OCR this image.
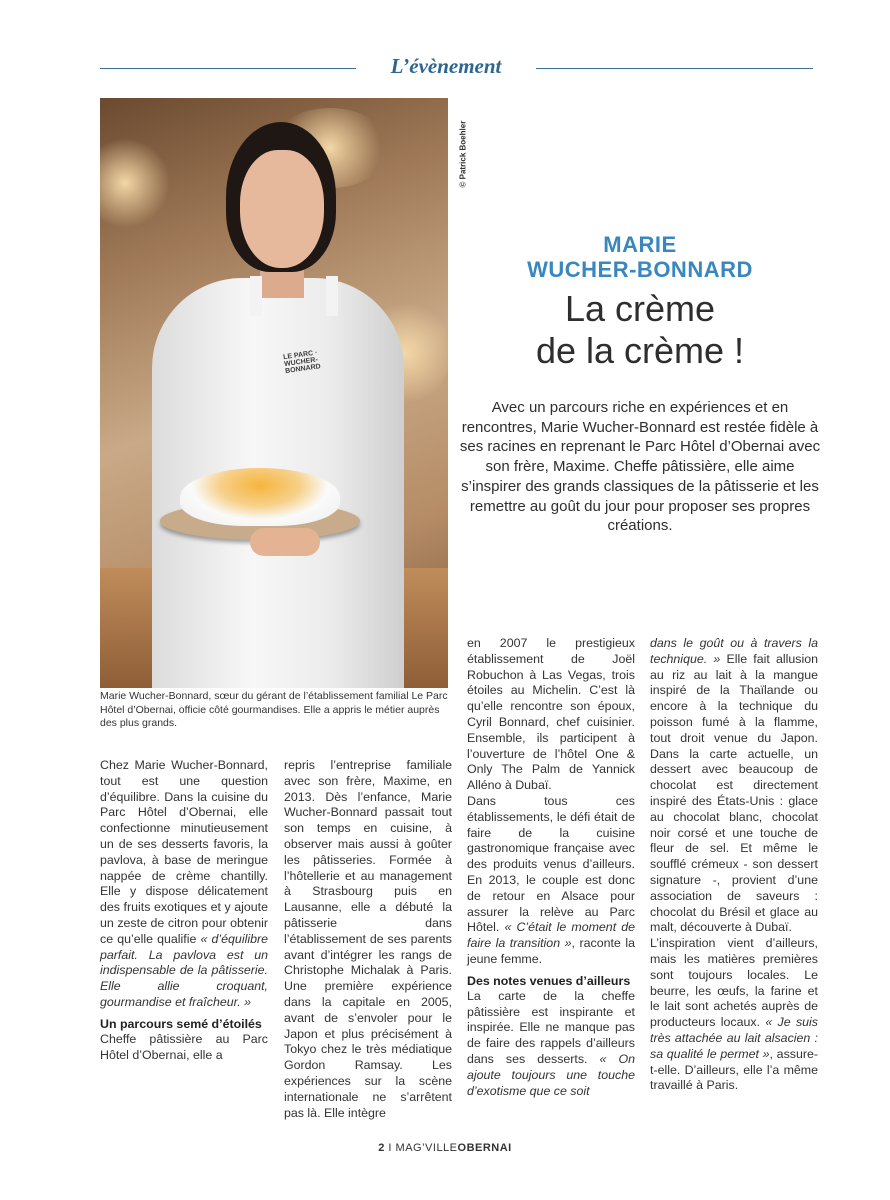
L’évènement
LE PARC · WUCHER-BONNARD
© Patrick Boehler
Marie Wucher-Bonnard, sœur du gérant de l’établissement familial Le Parc Hôtel d’Obernai, officie côté gourmandises. Elle a appris le métier auprès des plus grands.
MARIE
WUCHER-BONNARD
La crème
de la crème !
Avec un parcours riche en expériences et en rencontres, Marie Wucher-Bonnard est restée fidèle à ses racines en reprenant le Parc Hôtel d’Obernai avec son frère, Maxime. Cheffe pâtissière, elle aime s’inspirer des grands classiques de la pâtisserie et les remettre au goût du jour pour proposer ses propres créations.

Chez Marie Wucher-Bonnard, tout est une question d’équilibre. Dans la cuisine du Parc Hôtel d’Obernai, elle confectionne minutieusement un de ses desserts favoris, la pavlova, à base de meringue nappée de crème chantilly. Elle y dispose délicatement des fruits exotiques et y ajoute un zeste de citron pour obtenir ce qu’elle qualifie « d’équilibre parfait. La pavlova est un indispensable de la pâtisserie. Elle allie croquant, gourmandise et fraîcheur. »

Un parcours semé d’étoilés

Cheffe pâtissière au Parc Hôtel d’Obernai, elle a

repris l’entreprise familiale avec son frère, Maxime, en 2013. Dès l’enfance, Marie Wucher-Bonnard passait tout son temps en cuisine, à observer mais aussi à goûter les pâtisseries. Formée à l’hôtellerie et au management à Strasbourg puis en Lausanne, elle a débuté la pâtisserie dans l’établissement de ses parents avant d’intégrer les rangs de Christophe Michalak à Paris. Une première expérience dans la capitale en 2005, avant de s’envoler pour le Japon et plus précisément à Tokyo chez le très médiatique Gordon Ramsay. Les expériences sur la scène internationale ne s’arrêtent pas là. Elle intègre

en 2007 le prestigieux établissement de Joël Robuchon à Las Vegas, trois étoiles au Michelin. C’est là qu’elle rencontre son époux, Cyril Bonnard, chef cuisinier. Ensemble, ils participent à l’ouverture de l’hôtel One & Only The Palm de Yannick Alléno à Dubaï.

Dans tous ces établissements, le défi était de faire de la cuisine gastronomique française avec des produits venus d’ailleurs. En 2013, le couple est donc de retour en Alsace pour assurer la relève au Parc Hôtel. « C’était le moment de faire la transition », raconte la jeune femme.

Des notes venues d’ailleurs

La carte de la cheffe pâtissière est inspirante et inspirée. Elle ne manque pas de faire des rappels d’ailleurs dans ses desserts. « On ajoute toujours une touche d’exotisme que ce soit

dans le goût ou à travers la technique. » Elle fait allusion au riz au lait à la mangue inspiré de la Thaïlande ou encore à la technique du poisson fumé à la flamme, tout droit venue du Japon. Dans la carte actuelle, un dessert avec beaucoup de chocolat est directement inspiré des États-Unis : glace au chocolat blanc, chocolat noir corsé et une touche de fleur de sel. Et même le soufflé crémeux - son dessert signature -, provient d’une association de saveurs : chocolat du Brésil et glace au malt, découverte à Dubaï.

L’inspiration vient d’ailleurs, mais les matières premières sont toujours locales. Le beurre, les œufs, la farine et le lait sont achetés auprès de producteurs locaux. « Je suis très attachée au lait alsacien : sa qualité le permet », assure-t-elle. D’ailleurs, elle l’a même travaillé à Paris.

2 I MAG’VILLEOBERNAI
